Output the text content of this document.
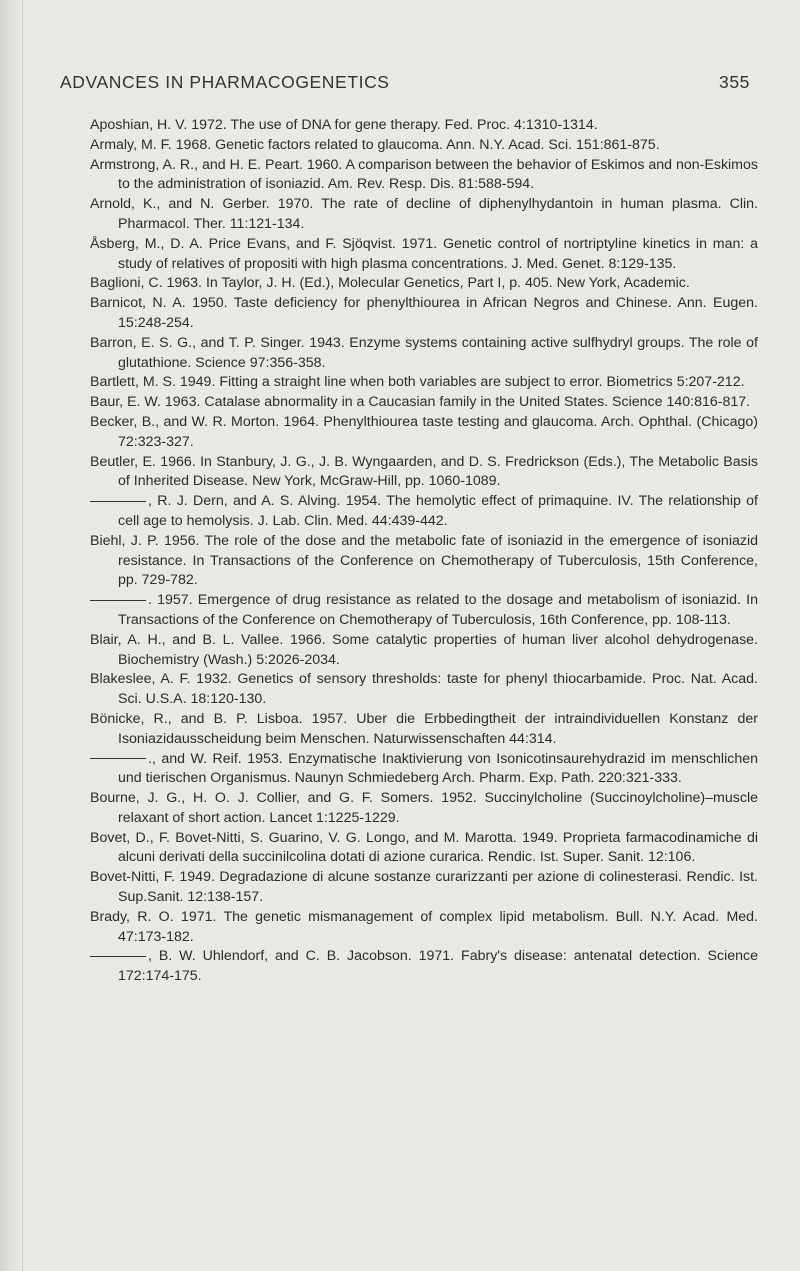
ADVANCES IN PHARMACOGENETICS	355

Aposhian, H. V. 1972. The use of DNA for gene therapy. Fed. Proc. 4:1310-1314.

Armaly, M. F. 1968. Genetic factors related to glaucoma. Ann. N.Y. Acad. Sci. 151:861-875.

Armstrong, A. R., and H. E. Peart. 1960. A comparison between the behavior of Eskimos and non-Eskimos to the administration of isoniazid. Am. Rev. Resp. Dis. 81:588-594.

Arnold, K., and N. Gerber. 1970. The rate of decline of diphenylhydantoin in human plasma. Clin. Pharmacol. Ther. 11:121-134.

Åsberg, M., D. A. Price Evans, and F. Sjöqvist. 1971. Genetic control of nortriptyline kinetics in man: a study of relatives of propositi with high plasma concentrations. J. Med. Genet. 8:129-135.

Baglioni, C. 1963. In Taylor, J. H. (Ed.), Molecular Genetics, Part I, p. 405. New York, Academic.

Barnicot, N. A. 1950. Taste deficiency for phenylthiourea in African Negros and Chinese. Ann. Eugen. 15:248-254.

Barron, E. S. G., and T. P. Singer. 1943. Enzyme systems containing active sulfhydryl groups. The role of glutathione. Science 97:356-358.

Bartlett, M. S. 1949. Fitting a straight line when both variables are subject to error. Biometrics 5:207-212.

Baur, E. W. 1963. Catalase abnormality in a Caucasian family in the United States. Science 140:816-817.

Becker, B., and W. R. Morton. 1964. Phenylthiourea taste testing and glaucoma. Arch. Ophthal. (Chicago) 72:323-327.

Beutler, E. 1966. In Stanbury, J. G., J. B. Wyngaarden, and D. S. Fredrickson (Eds.), The Metabolic Basis of Inherited Disease. New York, McGraw-Hill, pp. 1060-1089.

, R. J. Dern, and A. S. Alving. 1954. The hemolytic effect of primaquine. IV. The relationship of cell age to hemolysis. J. Lab. Clin. Med. 44:439-442.

Biehl, J. P. 1956. The role of the dose and the metabolic fate of isoniazid in the emergence of isoniazid resistance. In Transactions of the Conference on Chemotherapy of Tuberculosis, 15th Conference, pp. 729-782.

. 1957. Emergence of drug resistance as related to the dosage and metabolism of isoniazid. In Transactions of the Conference on Chemotherapy of Tuberculosis, 16th Conference, pp. 108-113.

Blair, A. H., and B. L. Vallee. 1966. Some catalytic properties of human liver alcohol dehydrogenase. Biochemistry (Wash.) 5:2026-2034.

Blakeslee, A. F. 1932. Genetics of sensory thresholds: taste for phenyl thiocarbamide. Proc. Nat. Acad. Sci. U.S.A. 18:120-130.

Bönicke, R., and B. P. Lisboa. 1957. Uber die Erbbedingtheit der intraindividuellen Konstanz der Isoniazidausscheidung beim Menschen. Naturwissenschaften 44:314.

., and W. Reif. 1953. Enzymatische Inaktivierung von Isonicotinsaurehydrazid im menschlichen und tierischen Organismus. Naunyn Schmiedeberg Arch. Pharm. Exp. Path. 220:321-333.

Bourne, J. G., H. O. J. Collier, and G. F. Somers. 1952. Succinylcholine (Succinoylcholine)–muscle relaxant of short action. Lancet 1:1225-1229.

Bovet, D., F. Bovet-Nitti, S. Guarino, V. G. Longo, and M. Marotta. 1949. Proprieta farmacodinamiche di alcuni derivati della succinilcolina dotati di azione curarica. Rendic. Ist. Super. Sanit. 12:106.

Bovet-Nitti, F. 1949. Degradazione di alcune sostanze curarizzanti per azione di colinesterasi. Rendic. Ist. Sup.Sanit. 12:138-157.

Brady, R. O. 1971. The genetic mismanagement of complex lipid metabolism. Bull. N.Y. Acad. Med. 47:173-182.

, B. W. Uhlendorf, and C. B. Jacobson. 1971. Fabry's disease: antenatal detection. Science 172:174-175.
